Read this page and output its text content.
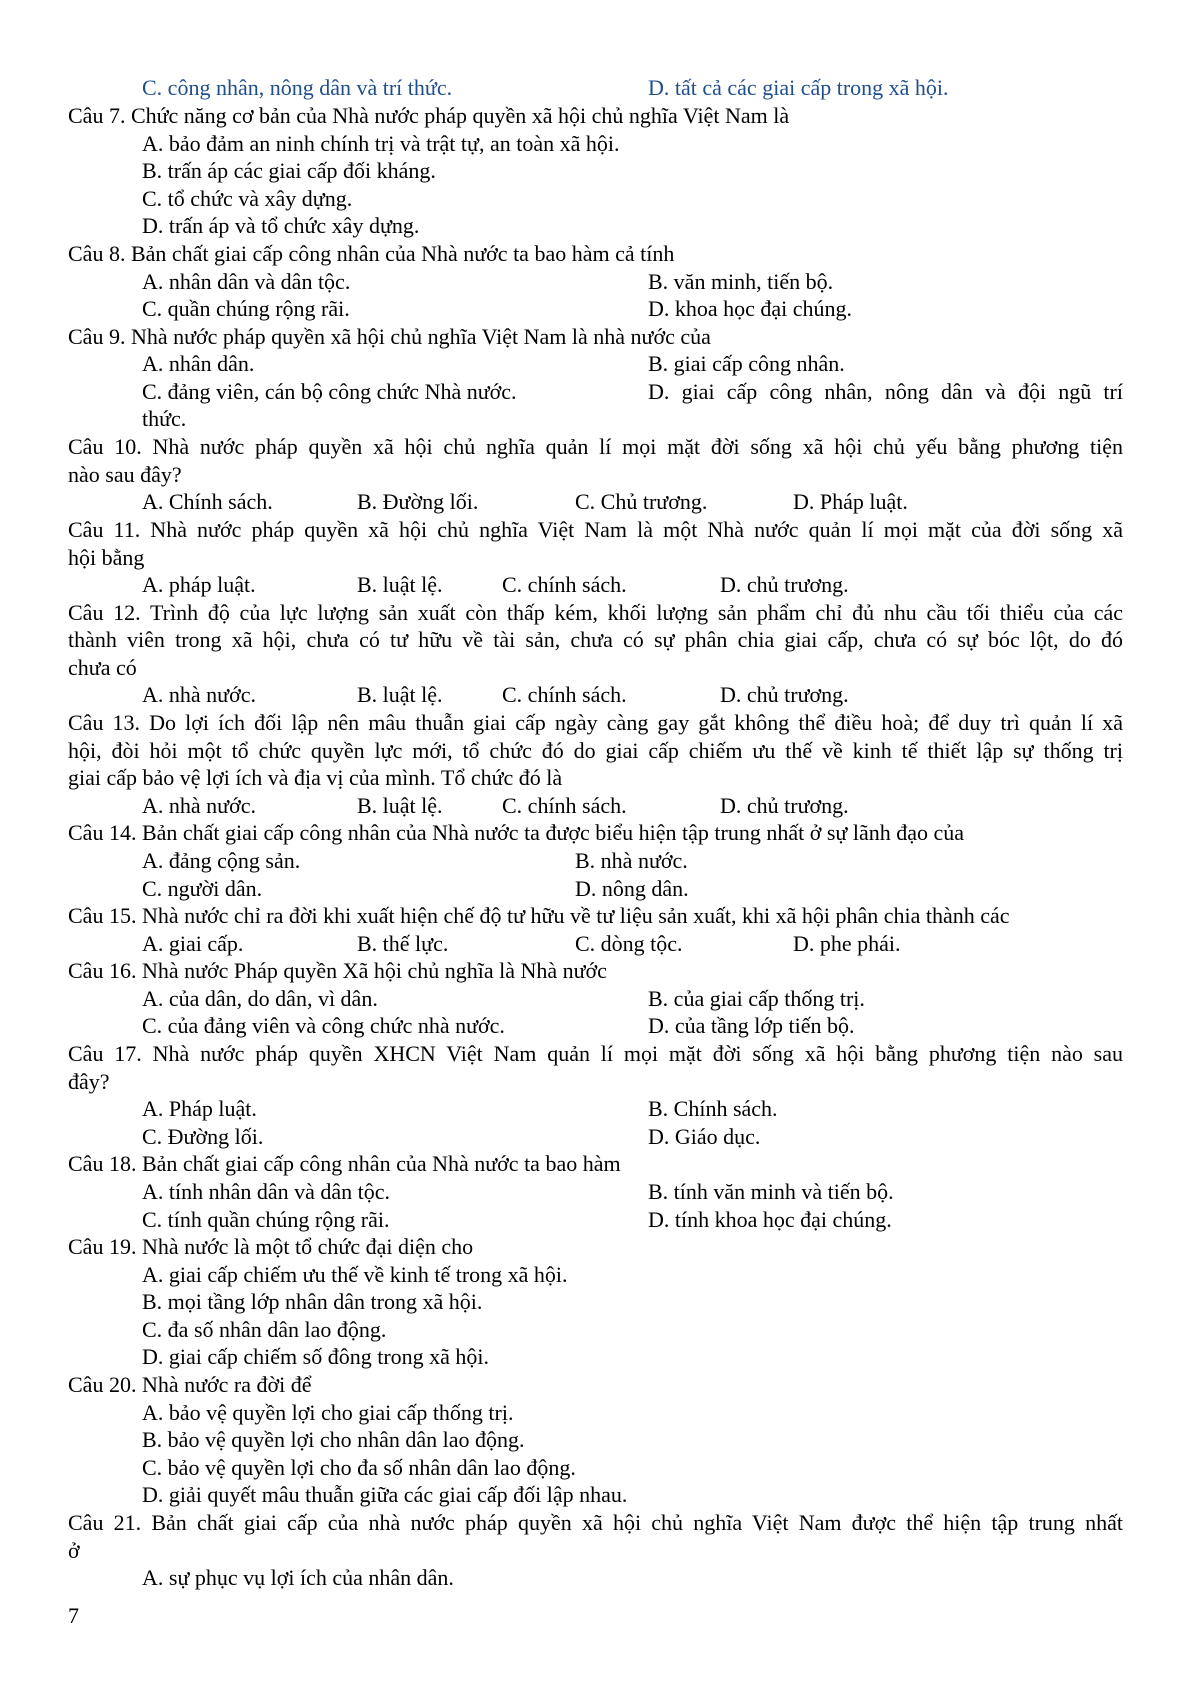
C. công nhân, nông dân và trí thức.	D. tất cả các giai cấp trong xã hội.
Câu 7. Chức năng cơ bản của Nhà nước pháp quyền xã hội chủ nghĩa Việt Nam là
A. bảo đảm an ninh chính trị và trật tự, an toàn xã hội.
B. trấn áp các giai cấp đối kháng.
C. tổ chức và xây dựng.
D. trấn áp và tổ chức xây dựng.
Câu 8. Bản chất giai cấp công nhân của Nhà nước ta bao hàm cả tính
A. nhân dân và dân tộc.	B. văn minh, tiến bộ.
C. quần chúng rộng rãi.	D. khoa học đại chúng.
Câu 9. Nhà nước pháp quyền xã hội chủ nghĩa Việt Nam là nhà nước của
A. nhân dân.	B. giai cấp công nhân.
C. đảng viên, cán bộ công chức Nhà nước.	D. giai cấp công nhân, nông dân và đội ngũ trí
thức.
Câu 10. Nhà nước pháp quyền xã hội chủ nghĩa quản lí mọi mặt đời sống xã hội chủ yếu bằng phương tiện
nào sau đây?
A. Chính sách.	B. Đường lối.	C. Chủ trương.	D. Pháp luật.
Câu 11. Nhà nước pháp quyền xã hội chủ nghĩa Việt Nam là một Nhà nước quản lí mọi mặt của đời sống xã
hội bằng
A. pháp luật.	B. luật lệ.	C. chính sách.	D. chủ trương.
Câu 12. Trình độ của lực lượng sản xuất còn thấp kém, khối lượng sản phẩm chỉ đủ nhu cầu tối thiểu của các
thành viên trong xã hội, chưa có tư hữu về tài sản, chưa có sự phân chia giai cấp, chưa có sự bóc lột, do đó
chưa có
A. nhà nước.	B. luật lệ.	C. chính sách.	D. chủ trương.
Câu 13. Do lợi ích đối lập nên mâu thuẫn giai cấp ngày càng gay gắt không thể điều hoà; để duy trì quản lí xã
hội, đòi hỏi một tổ chức quyền lực mới, tổ chức đó do giai cấp chiếm ưu thế về kinh tế thiết lập sự thống trị
giai cấp bảo vệ lợi ích và địa vị của mình. Tổ chức đó là
A. nhà nước.	B. luật lệ.	C. chính sách.	D. chủ trương.
Câu 14. Bản chất giai cấp công nhân của Nhà nước ta được biểu hiện tập trung nhất ở sự lãnh đạo của
A. đảng cộng sản.	B. nhà nước.
C. người dân.	D. nông dân.
Câu 15. Nhà nước chỉ ra đời khi xuất hiện chế độ tư hữu về tư liệu sản xuất, khi xã hội phân chia thành các
A. giai cấp.	B. thế lực.	C. dòng tộc.	D. phe phái.
Câu 16. Nhà nước Pháp quyền Xã hội chủ nghĩa là Nhà nước
A. của dân, do dân, vì dân.	B. của giai cấp thống trị.
C. của đảng viên và công chức nhà nước.	D. của tầng lớp tiến bộ.
Câu 17. Nhà nước pháp quyền XHCN Việt Nam quản lí mọi mặt đời sống xã hội bằng phương tiện nào sau
đây?
A. Pháp luật.	B. Chính sách.
C. Đường lối.	D. Giáo dục.
Câu 18. Bản chất giai cấp công nhân của Nhà nước ta bao hàm
A. tính nhân dân và dân tộc.	B. tính văn minh và tiến bộ.
C. tính quần chúng rộng rãi.	D. tính khoa học đại chúng.
Câu 19. Nhà nước là một tổ chức đại diện cho
A. giai cấp chiếm ưu thế về kinh tế trong xã hội.
B. mọi tầng lớp nhân dân trong xã hội.
C. đa số nhân dân lao động.
D. giai cấp chiếm số đông trong xã hội.
Câu 20. Nhà nước ra đời để
A. bảo vệ quyền lợi cho giai cấp thống trị.
B. bảo vệ quyền lợi cho nhân dân lao động.
C. bảo vệ quyền lợi cho đa số nhân dân lao động.
D. giải quyết mâu thuẫn giữa các giai cấp đối lập nhau.
Câu 21. Bản chất giai cấp của nhà nước pháp quyền xã hội chủ nghĩa Việt Nam được thể hiện tập trung nhất
ở
A. sự phục vụ lợi ích của nhân dân.
7
